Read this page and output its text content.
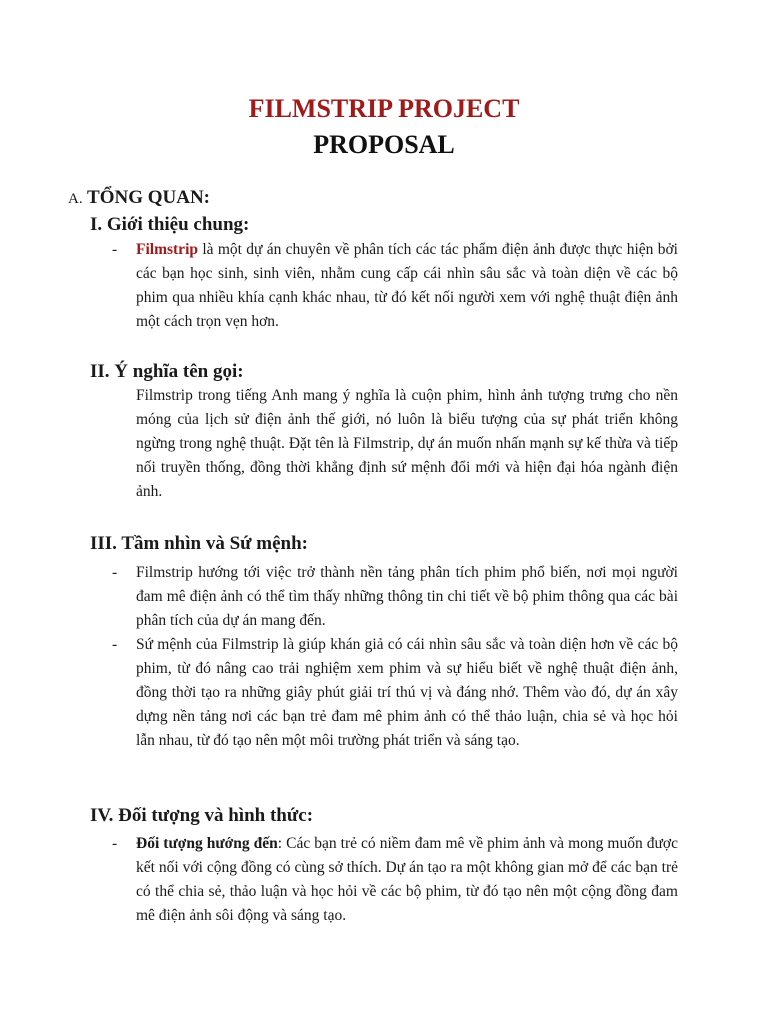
FILMSTRIP PROJECT
PROPOSAL
A. TỔNG QUAN:
I. Giới thiệu chung:
- Filmstrip là một dự án chuyên về phân tích các tác phẩm điện ảnh được thực hiện bởi các bạn học sinh, sinh viên, nhằm cung cấp cái nhìn sâu sắc và toàn diện về các bộ phim qua nhiều khía cạnh khác nhau, từ đó kết nối người xem với nghệ thuật điện ảnh một cách trọn vẹn hơn.

II. Ý nghĩa tên gọi:

Filmstrip trong tiếng Anh mang ý nghĩa là cuộn phim, hình ảnh tượng trưng cho nền móng của lịch sử điện ảnh thế giới, nó luôn là biểu tượng của sự phát triển không ngừng trong nghệ thuật. Đặt tên là Filmstrip, dự án muốn nhấn mạnh sự kế thừa và tiếp nối truyền thống, đồng thời khẳng định sứ mệnh đổi mới và hiện đại hóa ngành điện ảnh.

III. Tầm nhìn và Sứ mệnh:
- Filmstrip hướng tới việc trở thành nền tảng phân tích phim phổ biến, nơi mọi người đam mê điện ảnh có thể tìm thấy những thông tin chi tiết về bộ phim thông qua các bài phân tích của dự án mang đến.

- Sứ mệnh của Filmstrip là giúp khán giả có cái nhìn sâu sắc và toàn diện hơn về các bộ phim, từ đó nâng cao trải nghiệm xem phim và sự hiểu biết về nghệ thuật điện ảnh, đồng thời tạo ra những giây phút giải trí thú vị và đáng nhớ. Thêm vào đó, dự án xây dựng nền tảng nơi các bạn trẻ đam mê phim ảnh có thể thảo luận, chia sẻ và học hỏi lẫn nhau, từ đó tạo nên một môi trường phát triển và sáng tạo.

IV. Đối tượng và hình thức:
- Đối tượng hướng đến: Các bạn trẻ có niềm đam mê về phim ảnh và mong muốn được kết nối với cộng đồng có cùng sở thích. Dự án tạo ra một không gian mở để các bạn trẻ có thể chia sẻ, thảo luận và học hỏi về các bộ phim, từ đó tạo nên một cộng đồng đam mê điện ảnh sôi động và sáng tạo.
